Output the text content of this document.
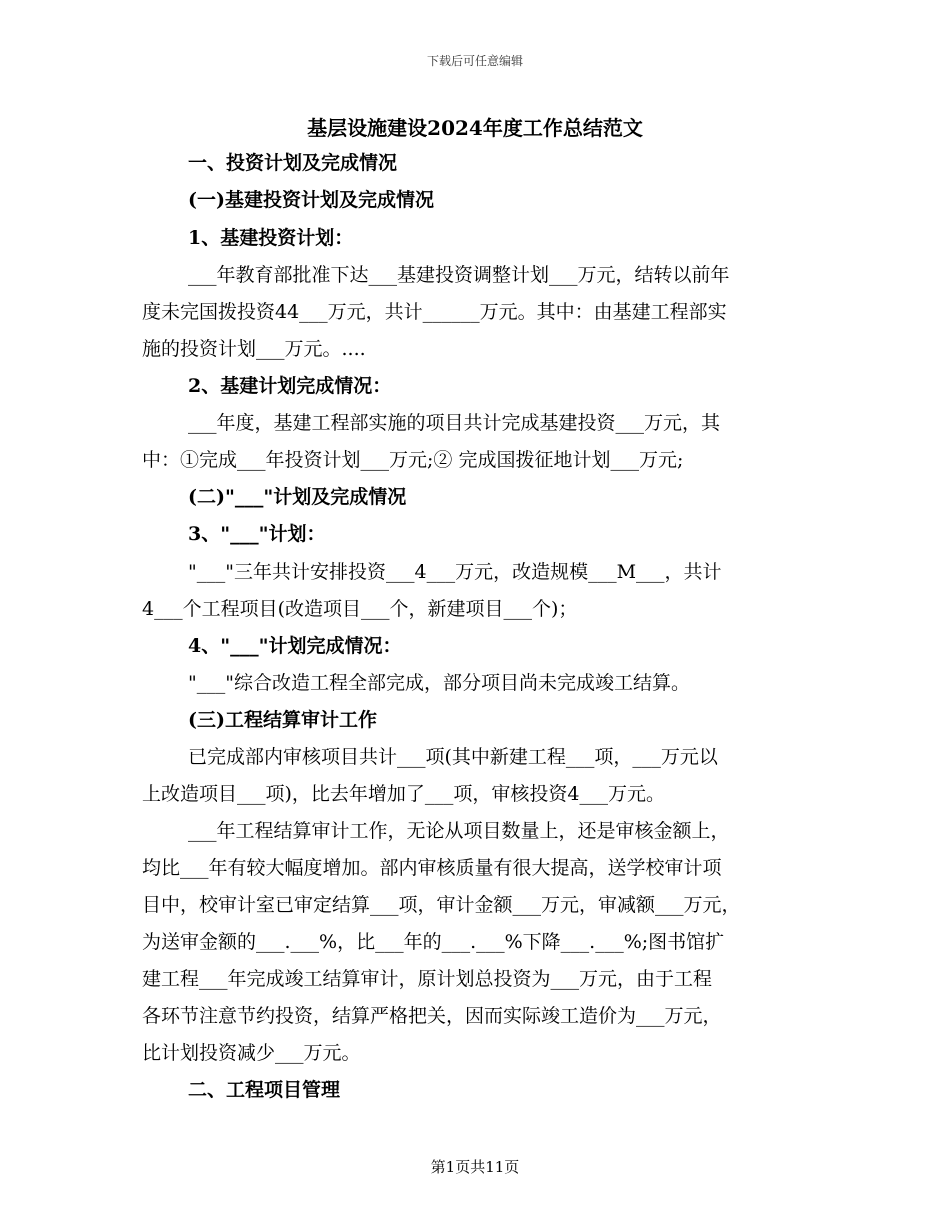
下载后可任意编辑
基层设施建设2024年度工作总结范文
一、投资计划及完成情况
(一)基建投资计划及完成情况
1、基建投资计划：
___年教育部批准下达___基建投资调整计划___万元，结转以前年
度未完国拨投资44___万元，共计______万元。其中：由基建工程部实
施的投资计划___万元。....
2、基建计划完成情况：
___年度，基建工程部实施的项目共计完成基建投资___万元，其
中：①完成___年投资计划___万元;② 完成国拨征地计划___万元;
(二)"___"计划及完成情况
3、"___"计划：
"___"三年共计安排投资___4___万元，改造规模___M___，共计
4___个工程项目(改造项目___个，新建项目___个)；
4、"___"计划完成情况：
"___"综合改造工程全部完成，部分项目尚未完成竣工结算。
(三)工程结算审计工作
已完成部内审核项目共计___项(其中新建工程___项，___万元以
上改造项目___项)，比去年增加了___项，审核投资4___万元。
___年工程结算审计工作，无论从项目数量上，还是审核金额上，
均比___年有较大幅度增加。部内审核质量有很大提高，送学校审计项
目中，校审计室已审定结算___项，审计金额___万元，审减额___万元，
为送审金额的___.___%，比___年的___.___%下降___.___%;图书馆扩
建工程___年完成竣工结算审计，原计划总投资为___万元，由于工程
各环节注意节约投资，结算严格把关，因而实际竣工造价为___万元，
比计划投资减少___万元。
二、工程项目管理
第1页共11页
